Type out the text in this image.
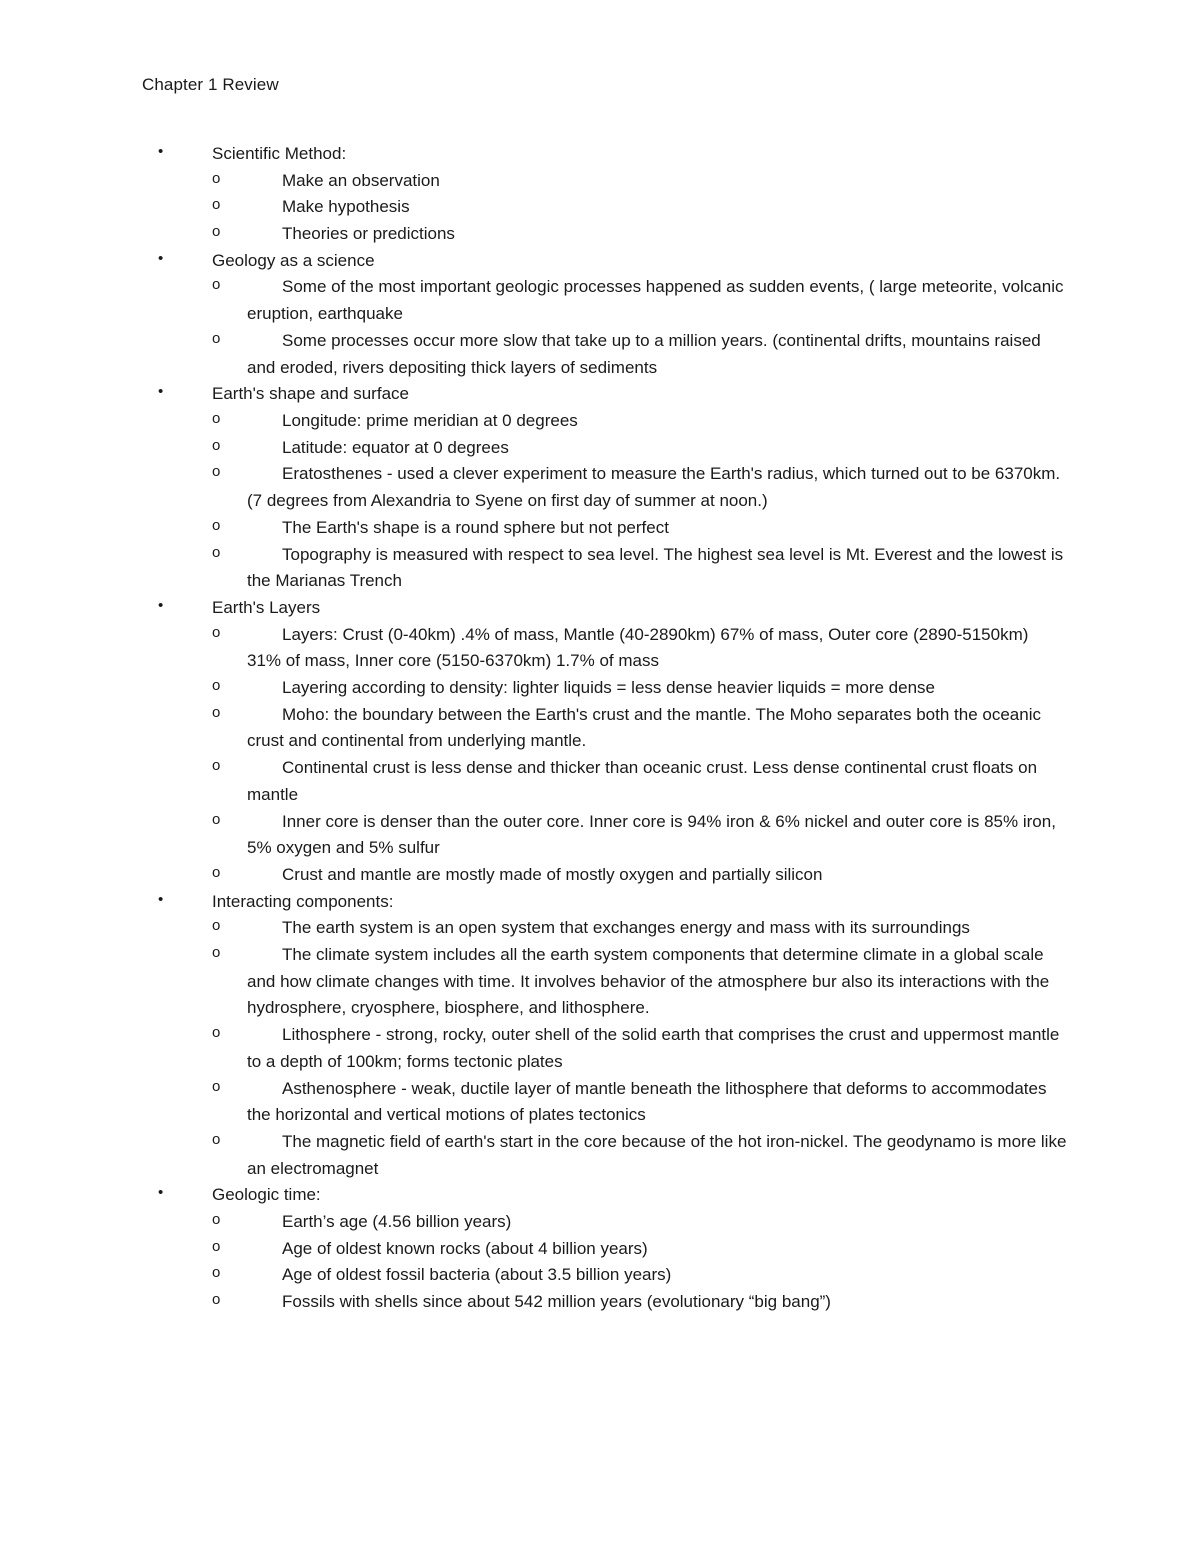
Chapter 1 Review
•	Scientific Method:
o	Make an observation
o	Make hypothesis
o	Theories or predictions
•	Geology as a science
o	Some of the most important geologic processes happened as sudden events, ( large meteorite, volcanic eruption, earthquake
o	Some processes occur more slow that take up to a million years. (continental drifts, mountains raised and eroded, rivers depositing thick layers of sediments
•	Earth's shape and surface
o	Longitude: prime meridian at 0 degrees
o	Latitude: equator at 0 degrees
o	Eratosthenes - used a clever experiment to measure the Earth's radius, which turned out to be 6370km. (7 degrees from Alexandria to Syene on first day of summer at noon.)
o	The Earth's shape is a round sphere but not perfect
o	Topography is measured with respect to sea level. The highest sea level is Mt. Everest and the lowest is the Marianas Trench
•	Earth's Layers
o	Layers: Crust (0-40km) .4% of mass, Mantle (40-2890km) 67% of mass, Outer core (2890-5150km) 31% of mass, Inner core (5150-6370km) 1.7% of mass
o	Layering according to density: lighter liquids = less dense heavier liquids = more dense
o	Moho: the boundary between the Earth's crust and the mantle. The Moho separates both the oceanic crust and continental from underlying mantle.
o	Continental crust is less dense and thicker than oceanic crust. Less dense continental crust floats on mantle
o	Inner core is denser than the outer core. Inner core is 94% iron & 6% nickel and outer core is 85% iron, 5% oxygen and 5% sulfur
o	Crust and mantle are mostly made of mostly oxygen and partially silicon
•	Interacting components:
o	The earth system is an open system that exchanges energy and mass with its surroundings
o	The climate system includes all the earth system components that determine climate in a global scale and how climate changes with time. It involves behavior of the atmosphere bur also its interactions with the hydrosphere, cryosphere, biosphere, and lithosphere.
o	Lithosphere - strong, rocky, outer shell of the solid earth that comprises the crust and uppermost mantle to a depth of 100km; forms tectonic plates
o	Asthenosphere - weak, ductile layer of mantle beneath the lithosphere that deforms to accommodates the horizontal and vertical motions of plates tectonics
o	The magnetic field of earth's start in the core because of the hot iron-nickel. The geodynamo is more like an electromagnet
•	Geologic time:
o	Earth’s age (4.56 billion years)
o	Age of oldest known rocks (about 4 billion years)
o	Age of oldest fossil bacteria (about 3.5 billion years)
o	Fossils with shells since about 542 million years (evolutionary “big bang”)
